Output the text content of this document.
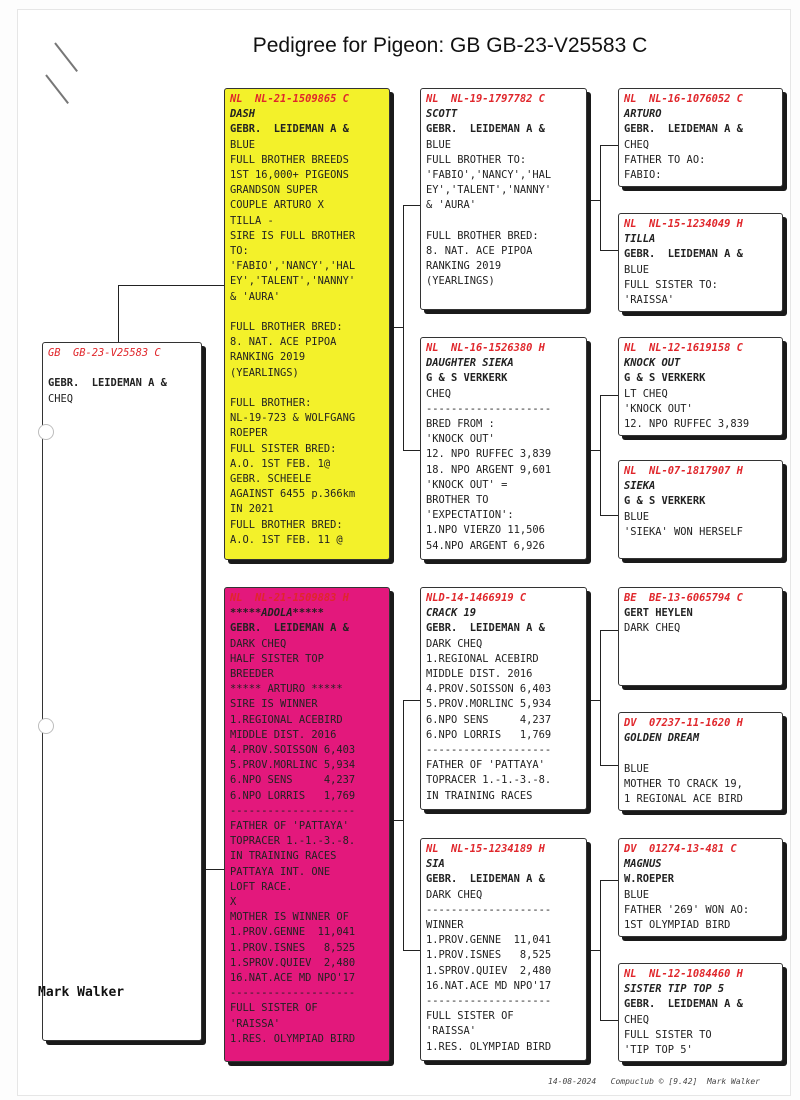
Pedigree for Pigeon: GB GB-23-V25583 C
GB GB-23-V25583 C

GEBR.  LEIDEMAN A &
CHEQ
NL NL-21-1509865 C
DASH
GEBR.  LEIDEMAN A &
BLUE
FULL BROTHER BREEDS
1ST 16,000+ PIGEONS
GRANDSON SUPER
COUPLE ARTURO X
TILLA -
SIRE IS FULL BROTHER
TO:
'FABIO','NANCY','HAL
EY','TALENT','NANNY'
& 'AURA'

FULL BROTHER BRED:
8. NAT. ACE PIPOA
RANKING 2019
(YEARLINGS)

FULL BROTHER:
NL-19-723 & WOLFGANG
ROEPER
FULL SISTER BRED:
A.O. 1ST FEB. 1@
GEBR. SCHEELE
AGAINST 6455 p.366km
IN 2021
FULL BROTHER BRED:
A.O. 1ST FEB. 11 @
NL NL-21-1509883 H
*****ADOLA*****
GEBR.  LEIDEMAN A &
DARK CHEQ
HALF SISTER TOP
BREEDER
***** ARTURO *****
SIRE IS WINNER
1.REGIONAL ACEBIRD
MIDDLE DIST. 2016
4.PROV.SOISSON 6,403
5.PROV.MORLINC 5,934
6.NPO SENS     4,237
6.NPO LORRIS   1,769
--------------------
FATHER OF 'PATTAYA'
TOPRACER 1.-1.-3.-8.
IN TRAINING RACES
PATTAYA INT. ONE
LOFT RACE.
X
MOTHER IS WINNER OF
1.PROV.GENNE  11,041
1.PROV.ISNES   8,525
1.SPROV.QUIEV  2,480
16.NAT.ACE MD NPO'17
--------------------
FULL SISTER OF
'RAISSA'
1.RES. OLYMPIAD BIRD
NL NL-19-1797782 C
SCOTT
GEBR.  LEIDEMAN A &
BLUE
FULL BROTHER TO:
'FABIO','NANCY','HAL
EY','TALENT','NANNY'
& 'AURA'

FULL BROTHER BRED:
8. NAT. ACE PIPOA
RANKING 2019
(YEARLINGS)
NL NL-16-1526380 H
DAUGHTER SIEKA
G & S VERKERK
CHEQ
--------------------
BRED FROM :
'KNOCK OUT'
12. NPO RUFFEC 3,839
18. NPO ARGENT 9,601
'KNOCK OUT' =
BROTHER TO
'EXPECTATION':
1.NPO VIERZO 11,506
54.NPO ARGENT 6,926
NLD-14-1466919 C
CRACK 19
GEBR.  LEIDEMAN A &
DARK CHEQ
1.REGIONAL ACEBIRD
MIDDLE DIST. 2016
4.PROV.SOISSON 6,403
5.PROV.MORLINC 5,934
6.NPO SENS     4,237
6.NPO LORRIS   1,769
--------------------
FATHER OF 'PATTAYA'
TOPRACER 1.-1.-3.-8.
IN TRAINING RACES
NL NL-15-1234189 H
SIA
GEBR.  LEIDEMAN A &
DARK CHEQ
--------------------
WINNER
1.PROV.GENNE  11,041
1.PROV.ISNES   8,525
1.SPROV.QUIEV  2,480
16.NAT.ACE MD NPO'17
--------------------
FULL SISTER OF
'RAISSA'
1.RES. OLYMPIAD BIRD
NL NL-16-1076052 C
ARTURO
GEBR.  LEIDEMAN A &
CHEQ
FATHER TO AO:
FABIO:
NL NL-15-1234049 H
TILLA
GEBR.  LEIDEMAN A &
BLUE
FULL SISTER TO:
'RAISSA'
NL NL-12-1619158 C
KNOCK OUT
G & S VERKERK
LT CHEQ
'KNOCK OUT'
12. NPO RUFFEC 3,839
NL NL-07-1817907 H
SIEKA
G & S VERKERK
BLUE
'SIEKA' WON HERSELF
BE BE-13-6065794 C
GERT HEYLEN
DARK CHEQ
DV 07237-11-1620 H
GOLDEN DREAM

BLUE
MOTHER TO CRACK 19,
1 REGIONAL ACE BIRD
DV 01274-13-481 C
MAGNUS
W.ROEPER
BLUE
FATHER '269' WON AO:
1ST OLYMPIAD BIRD
NL NL-12-1084460 H
SISTER TIP TOP 5
GEBR.  LEIDEMAN A &
CHEQ
FULL SISTER TO
'TIP TOP 5'
Mark Walker
14-08-2024 Compuclub © [9.42] Mark Walker
